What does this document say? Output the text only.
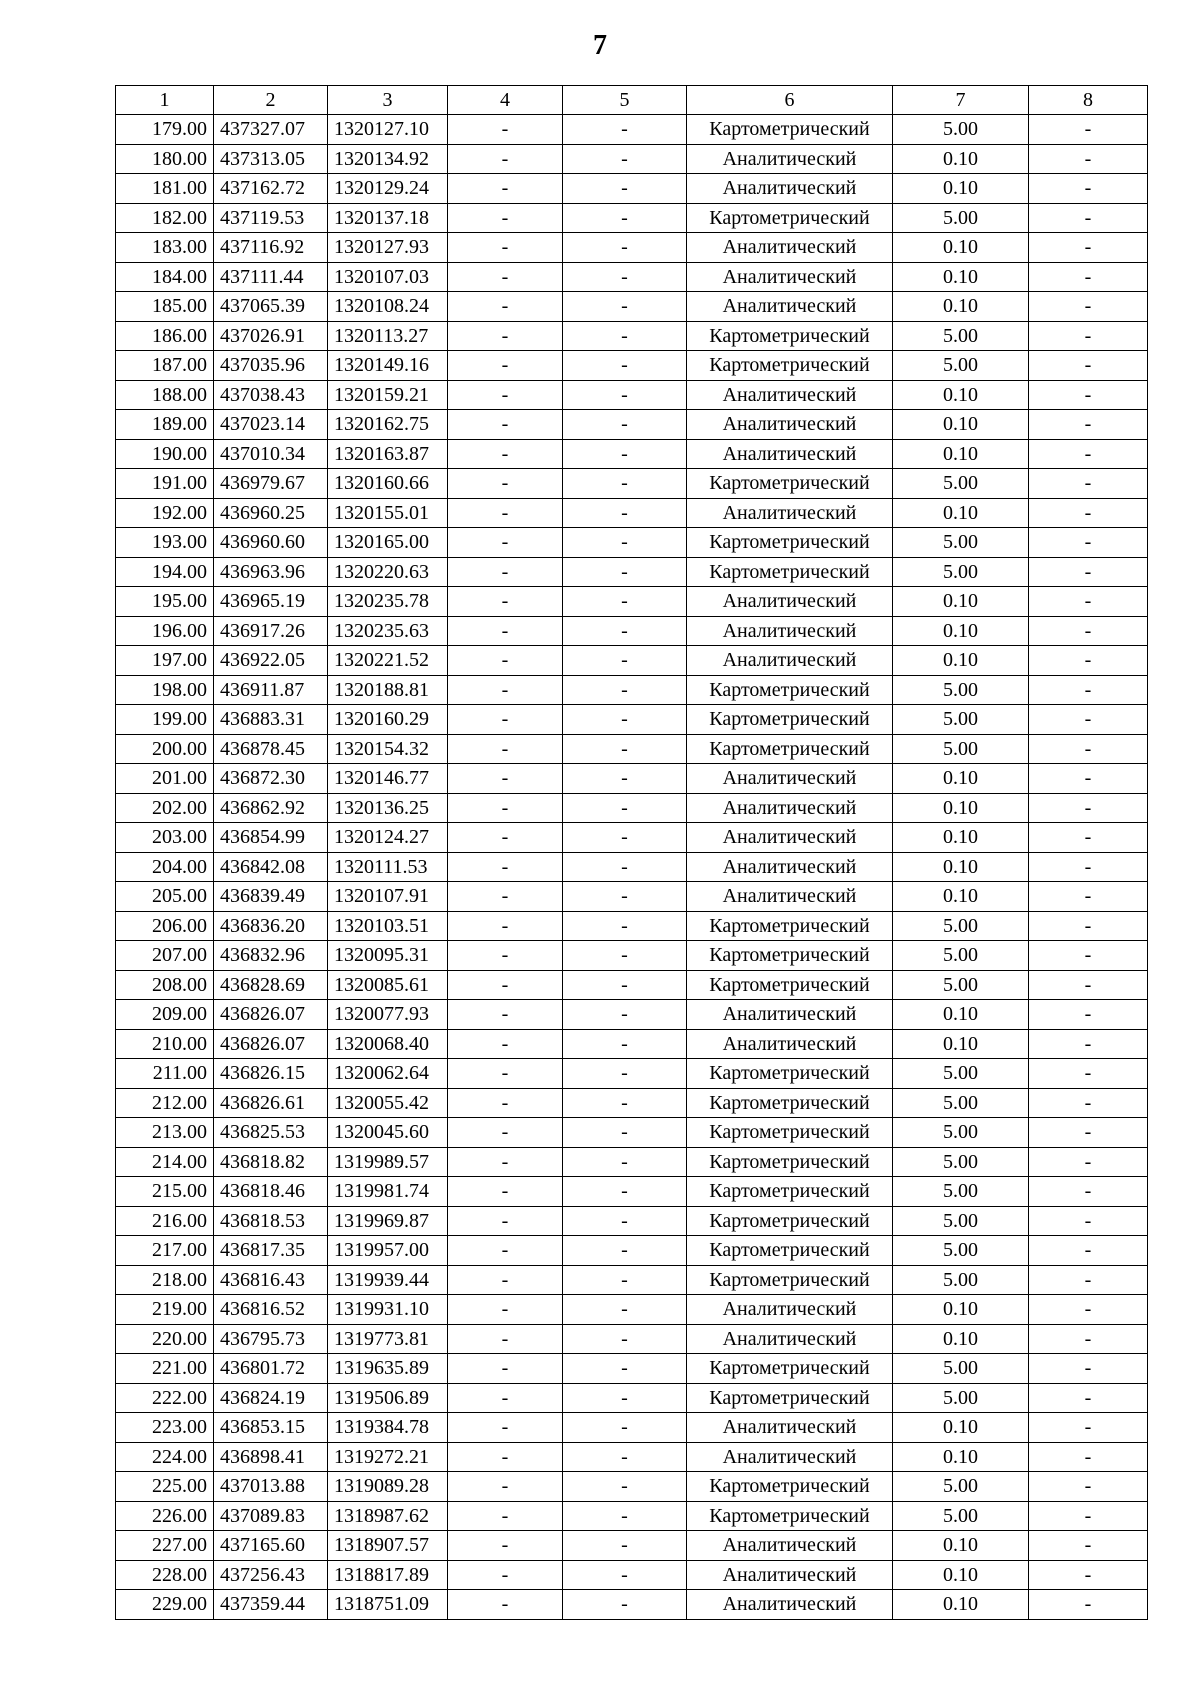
7
1	2	3	4	5	6	7	8
179.00	437327.07	1320127.10	-	-	Картометрический	5.00	-
180.00	437313.05	1320134.92	-	-	Аналитический	0.10	-
181.00	437162.72	1320129.24	-	-	Аналитический	0.10	-
182.00	437119.53	1320137.18	-	-	Картометрический	5.00	-
183.00	437116.92	1320127.93	-	-	Аналитический	0.10	-
184.00	437111.44	1320107.03	-	-	Аналитический	0.10	-
185.00	437065.39	1320108.24	-	-	Аналитический	0.10	-
186.00	437026.91	1320113.27	-	-	Картометрический	5.00	-
187.00	437035.96	1320149.16	-	-	Картометрический	5.00	-
188.00	437038.43	1320159.21	-	-	Аналитический	0.10	-
189.00	437023.14	1320162.75	-	-	Аналитический	0.10	-
190.00	437010.34	1320163.87	-	-	Аналитический	0.10	-
191.00	436979.67	1320160.66	-	-	Картометрический	5.00	-
192.00	436960.25	1320155.01	-	-	Аналитический	0.10	-
193.00	436960.60	1320165.00	-	-	Картометрический	5.00	-
194.00	436963.96	1320220.63	-	-	Картометрический	5.00	-
195.00	436965.19	1320235.78	-	-	Аналитический	0.10	-
196.00	436917.26	1320235.63	-	-	Аналитический	0.10	-
197.00	436922.05	1320221.52	-	-	Аналитический	0.10	-
198.00	436911.87	1320188.81	-	-	Картометрический	5.00	-
199.00	436883.31	1320160.29	-	-	Картометрический	5.00	-
200.00	436878.45	1320154.32	-	-	Картометрический	5.00	-
201.00	436872.30	1320146.77	-	-	Аналитический	0.10	-
202.00	436862.92	1320136.25	-	-	Аналитический	0.10	-
203.00	436854.99	1320124.27	-	-	Аналитический	0.10	-
204.00	436842.08	1320111.53	-	-	Аналитический	0.10	-
205.00	436839.49	1320107.91	-	-	Аналитический	0.10	-
206.00	436836.20	1320103.51	-	-	Картометрический	5.00	-
207.00	436832.96	1320095.31	-	-	Картометрический	5.00	-
208.00	436828.69	1320085.61	-	-	Картометрический	5.00	-
209.00	436826.07	1320077.93	-	-	Аналитический	0.10	-
210.00	436826.07	1320068.40	-	-	Аналитический	0.10	-
211.00	436826.15	1320062.64	-	-	Картометрический	5.00	-
212.00	436826.61	1320055.42	-	-	Картометрический	5.00	-
213.00	436825.53	1320045.60	-	-	Картометрический	5.00	-
214.00	436818.82	1319989.57	-	-	Картометрический	5.00	-
215.00	436818.46	1319981.74	-	-	Картометрический	5.00	-
216.00	436818.53	1319969.87	-	-	Картометрический	5.00	-
217.00	436817.35	1319957.00	-	-	Картометрический	5.00	-
218.00	436816.43	1319939.44	-	-	Картометрический	5.00	-
219.00	436816.52	1319931.10	-	-	Аналитический	0.10	-
220.00	436795.73	1319773.81	-	-	Аналитический	0.10	-
221.00	436801.72	1319635.89	-	-	Картометрический	5.00	-
222.00	436824.19	1319506.89	-	-	Картометрический	5.00	-
223.00	436853.15	1319384.78	-	-	Аналитический	0.10	-
224.00	436898.41	1319272.21	-	-	Аналитический	0.10	-
225.00	437013.88	1319089.28	-	-	Картометрический	5.00	-
226.00	437089.83	1318987.62	-	-	Картометрический	5.00	-
227.00	437165.60	1318907.57	-	-	Аналитический	0.10	-
228.00	437256.43	1318817.89	-	-	Аналитический	0.10	-
229.00	437359.44	1318751.09	-	-	Аналитический	0.10	-
